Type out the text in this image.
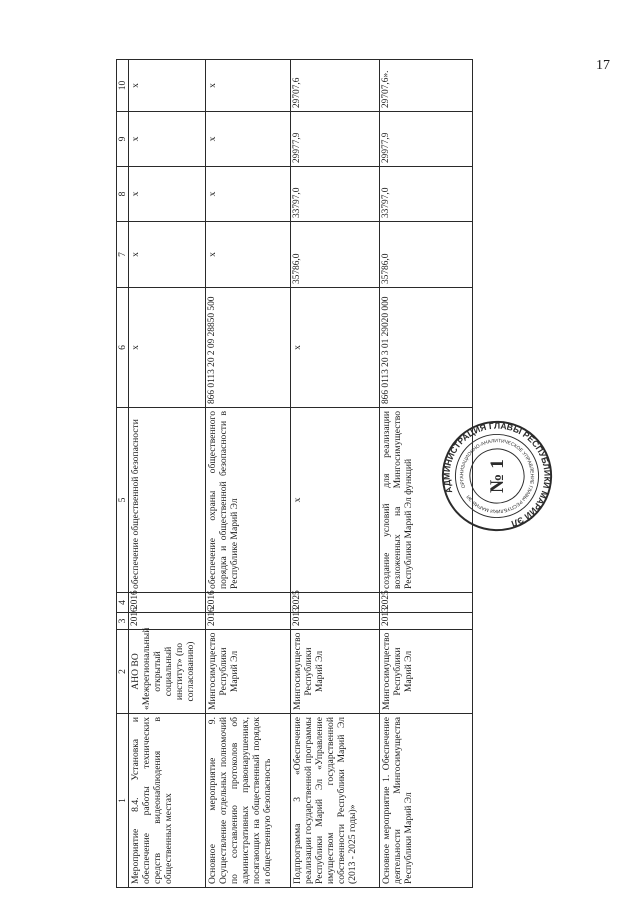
17
1	2	3	4	5	6	7	8	9	10
Мероприятие 8.4. Установка и обеспечение работы технических средств видеонаблюдения в общественных местах	АНО ВО «Межрегиональный открытый социальный институт» (по согласованию)	2016	2016	обеспечение общественной безопасности	x	x	x	x	x
Основное мероприятие 9. Осуществление отдельных полномочий по составлению протоколов об административных правонарушениях, посягающих на общественный порядок и общественную безопасность	Мингосимущество Республики Марий Эл	2016	2016	обеспечение охраны общественного порядка и общественной безопасности в Республике Марий Эл	866 0113 20 2 09 28850 500	x	x	x	x
Подпрограмма 3 «Обеспечение реализации государственной программы Республики Марий Эл «Управление имуществом государственной собственности Республики Марий Эл (2013 - 2025 годы)»	Мингосимущество Республики Марий Эл	2013	2025	x	x	35786,0	33797,0	29977,9	29707,6
Основное мероприятие 1. Обеспечение деятельности Мингосимущества Республики Марий Эл	Мингосимущество Республики Марий Эл	2013	2025	создание условий для реализации возложенных на Мингосимущество Республики Марий Эл функций	866 0113 20 3 01 29020 000	35786,0	33797,0	29977,9	29707,6».
АДМИНИСТРАЦИЯ ГЛАВЫ РЕСПУБЛИКИ МАРИЙ ЭЛ
ОРГАНИЗАЦИОННО-АНАЛИТИЧЕСКОЕ УПРАВЛЕНИЕ ГЛАВЫ РЕСПУБЛИКИ МАРИЙ ЭЛ
№ 1
